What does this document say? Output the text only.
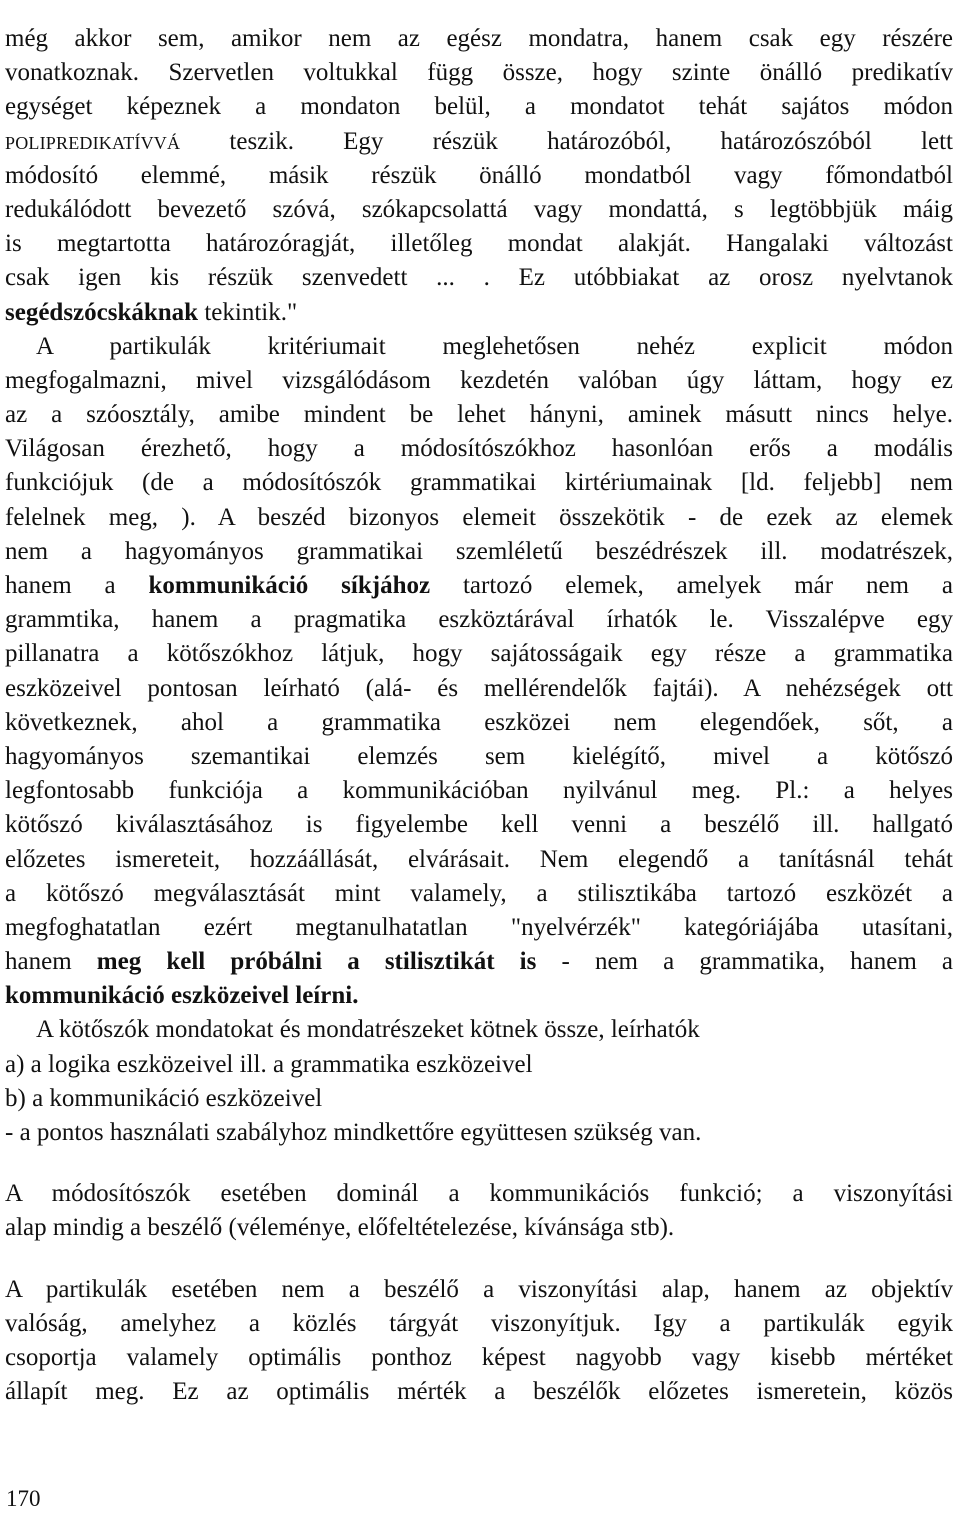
még akkor sem, amikor nem az egész mondatra, hanem csak egy részére
vonatkoznak. Szervetlen voltukkal függ össze, hogy szinte önálló predikatív
egységet képeznek a mondaton belül, a mondatot tehát sajátos módon
polipredikatívvá teszik. Egy részük határozóból, határozószóból lett
módosító elemmé, másik részük önálló mondatból vagy főmondatból
redukálódott bevezető szóvá, szókapcsolattá vagy mondattá, s legtöbbjük máig
is megtartotta határozóragját, illetőleg mondat alakját. Hangalaki változást
csak igen kis részük szenvedett ... . Ez utóbbiakat az orosz nyelvtanok
segédszócskáknak tekintik."
A partikulák kritériumait meglehetősen nehéz explicit módon
megfogalmazni, mivel vizsgálódásom kezdetén valóban úgy láttam, hogy ez
az a szóosztály, amibe mindent be lehet hányni, aminek másutt nincs helye.
Világosan érezhető, hogy a módosítószókhoz hasonlóan erős a modális
funkciójuk (de a módosítószók grammatikai kirtériumainak [ld. feljebb] nem
felelnek meg, ). A beszéd bizonyos elemeit összekötik - de ezek az elemek
nem a hagyományos grammatikai szemléletű beszédrészek ill. modatrészek,
hanem a kommunikáció síkjához tartozó elemek, amelyek már nem a
grammtika, hanem a pragmatika eszköztárával írhatók le. Visszalépve egy
pillanatra a kötőszókhoz látjuk, hogy sajátosságaik egy része a grammatika
eszközeivel pontosan leírható (alá- és mellérendelők fajtái). A nehézségek ott
következnek, ahol a grammatika eszközei nem elegendőek, sőt, a
hagyományos szemantikai elemzés sem kielégítő, mivel a kötőszó
legfontosabb funkciója a kommunikációban nyilvánul meg. Pl.: a helyes
kötőszó kiválasztásához is figyelembe kell venni a beszélő ill. hallgató
előzetes ismereteit, hozzáállását, elvárásait. Nem elegendő a tanításnál tehát
a kötőszó megválasztását mint valamely, a stilisztikába tartozó eszközét a
megfoghatatlan ezért megtanulhatatlan "nyelvérzék" kategóriájába utasítani,
hanem meg kell próbálni a stilisztikát is - nem a grammatika, hanem a
kommunikáció eszközeivel leírni.
A kötőszók mondatokat és mondatrészeket kötnek össze, leírhatók
a) a logika eszközeivel ill. a grammatika eszközeivel
b) a kommunikáció eszközeivel
- a pontos használati szabályhoz mindkettőre együttesen szükség van.
A módosítószók esetében dominál a kommunikációs funkció; a viszonyítási
alap mindig a beszélő (véleménye, előfeltételezése, kívánsága stb).
A partikulák esetében nem a beszélő a viszonyítási alap, hanem az objektív
valóság, amelyhez a közlés tárgyát viszonyítjuk. Igy a partikulák egyik
csoportja valamely optimális ponthoz képest nagyobb vagy kisebb mértéket
állapít meg. Ez az optimális mérték a beszélők előzetes ismeretein, közös
170
